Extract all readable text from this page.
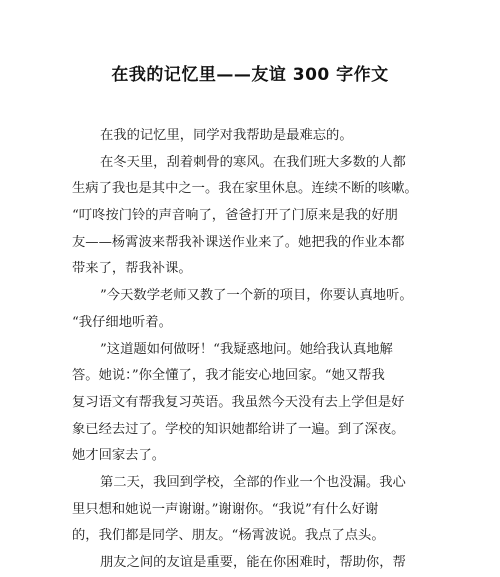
在我的记忆里——友谊 300 字作文
在我的记忆里，同学对我帮助是最难忘的。
在冬天里，刮着刺骨的寒风。在我们班大多数的人都
生病了我也是其中之一。我在家里休息。连续不断的咳嗽。
“叮咚按门铃的声音响了，爸爸打开了门原来是我的好朋
友——杨霄波来帮我补课送作业来了。她把我的作业本都
带来了，帮我补课。
”今天数学老师又教了一个新的项目，你要认真地听。
“我仔细地听着。
”这道题如何做呀！“我疑惑地问。她给我认真地解
答。她说：”你全懂了，我才能安心地回家。“她又帮我
复习语文有帮我复习英语。我虽然今天没有去上学但是好
象已经去过了。学校的知识她都给讲了一遍。到了深夜。
她才回家去了。
第二天，我回到学校，全部的作业一个也没漏。我心
里只想和她说一声谢谢。”谢谢你。“我说”有什么好谢
的，我们都是同学、朋友。“杨霄波说。我点了点头。
朋友之间的友谊是重要，能在你困难时，帮助你，帮
